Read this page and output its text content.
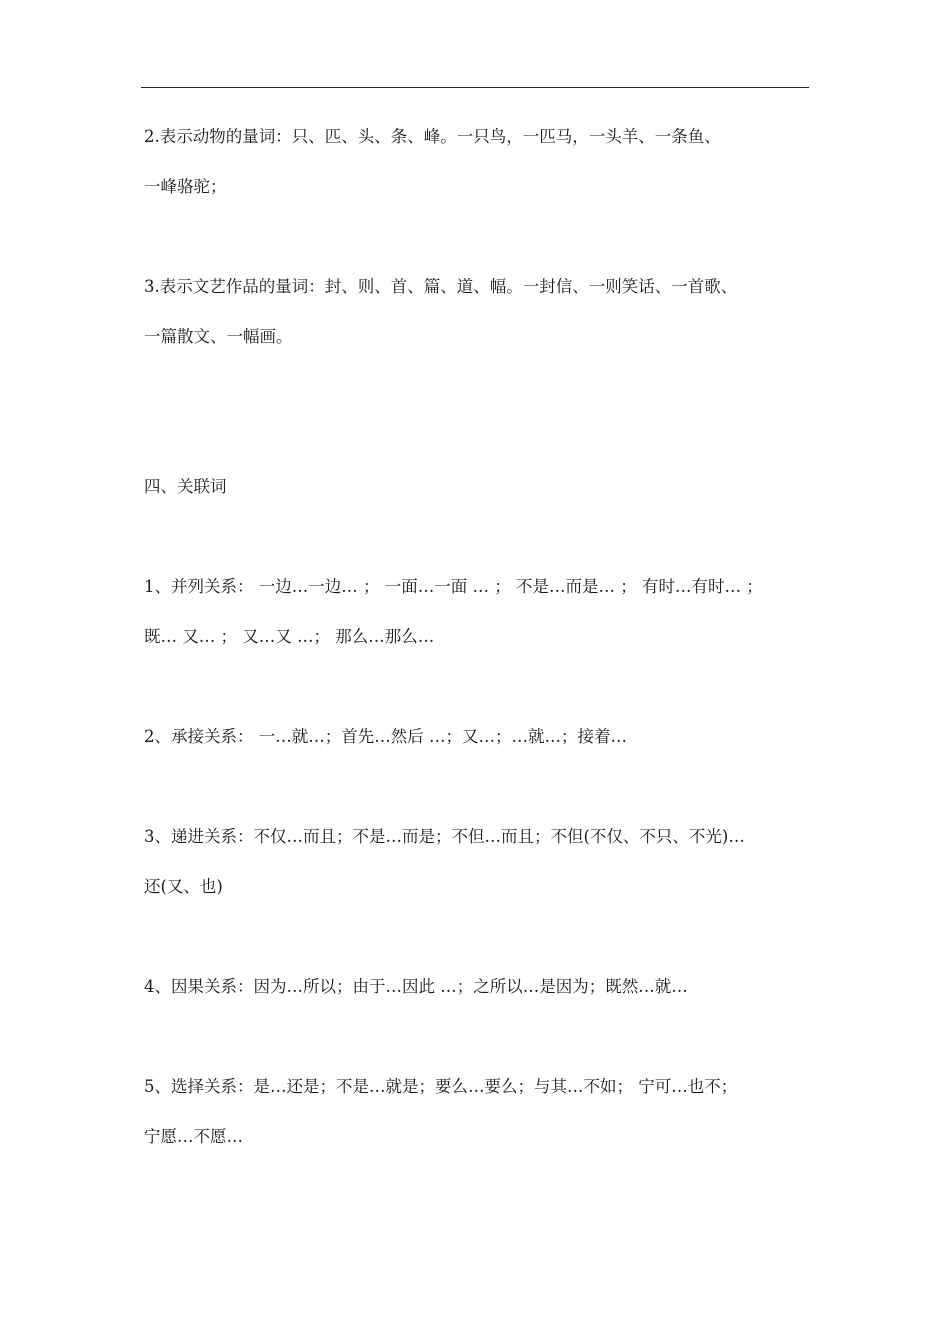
2.表示动物的量词：只、匹、头、条、峰。一只鸟，一匹马，一头羊、一条鱼、
一峰骆驼；

3.表示文艺作品的量词：封、则、首、篇、道、幅。一封信、一则笑话、一首歌、
一篇散文、一幅画。

四、关联词

1、并列关系： 一边…一边… ； 一面…一面 … ； 不是…而是… ； 有时…有时… ；
既… 又… ； 又…又 …； 那么…那么…

2、承接关系： 一…就…；首先…然后 …；又…；…就…；接着…

3、递进关系：不仅…而且；不是…而是；不但…而且；不但(不仅、不只、不光)…
还(又、也)

4、因果关系：因为…所以；由于…因此 …；之所以…是因为；既然…就…

5、选择关系：是…还是；不是…就是；要么…要么；与其…不如； 宁可…也不；
宁愿…不愿…
